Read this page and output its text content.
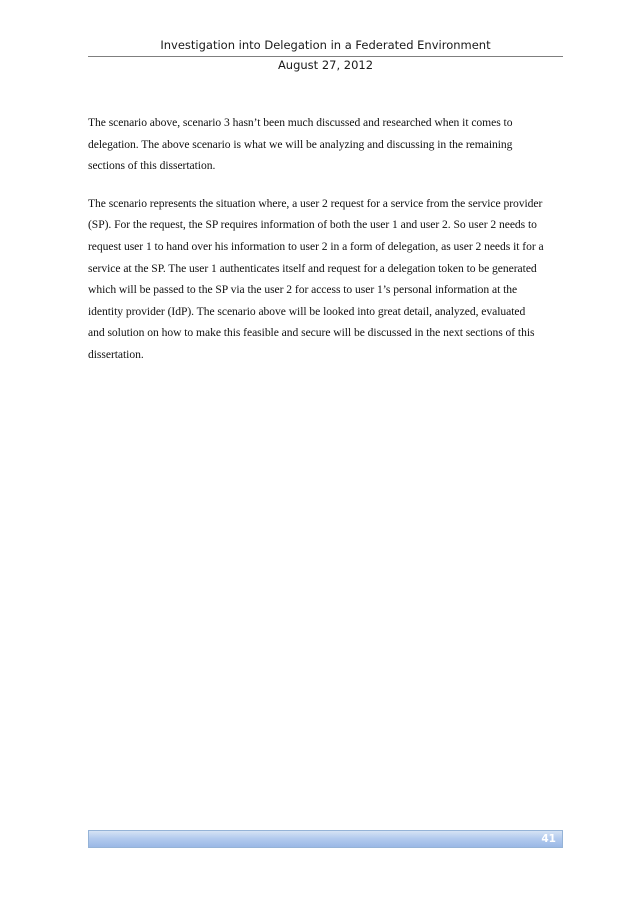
Investigation into Delegation in a Federated Environment
August 27, 2012

The scenario above, scenario 3 hasn’t been much discussed and researched when it comes to
delegation. The above scenario is what we will be analyzing and discussing in the remaining
sections of this dissertation.

The scenario represents the situation where, a user 2 request for a service from the service provider
(SP). For the request, the SP requires information of both the user 1 and user 2. So user 2 needs to
request user 1 to hand over his information to user 2 in a form of delegation, as user 2 needs it for a
service at the SP. The user 1 authenticates itself and request for a delegation token to be generated
which will be passed to the SP via the user 2 for access to user 1’s personal information at the
identity provider (IdP). The scenario above will be looked into great detail, analyzed, evaluated
and solution on how to make this feasible and secure will be discussed in the next sections of this
dissertation.

41
